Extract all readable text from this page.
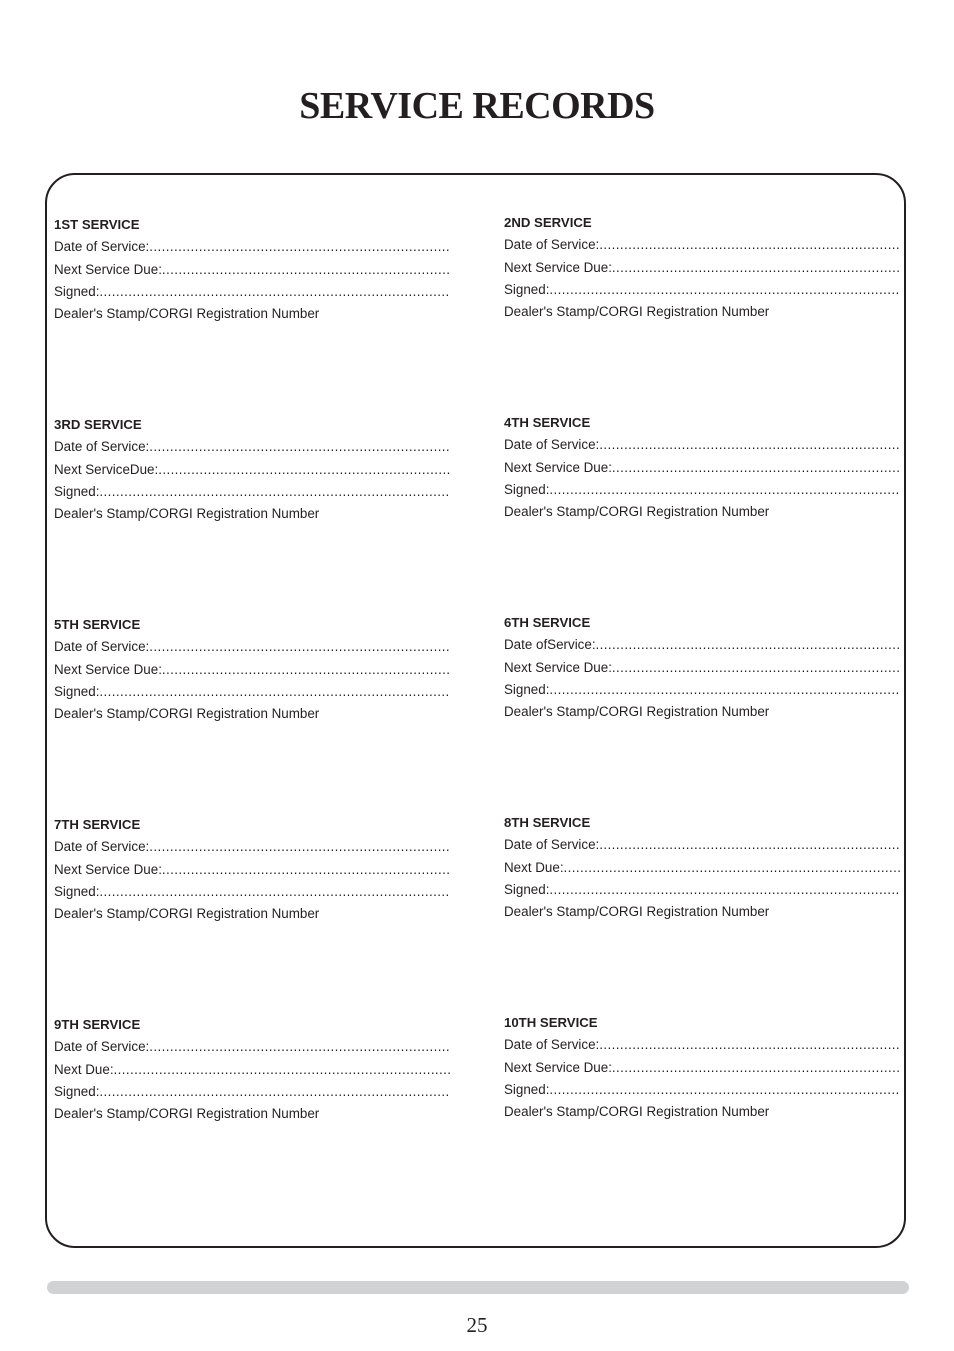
SERVICE RECORDS
1ST SERVICE
Date of Service:
.....
Next Service Due:
.....
Signed:
.....
Dealer's Stamp/CORGI Registration Number
3RD SERVICE
Date of Service:
.....
Next ServiceDue:
.....
Signed:
.....
Dealer's Stamp/CORGI Registration Number
5TH SERVICE
Date of Service:
.....
Next Service Due:
.....
Signed:
.....
Dealer's Stamp/CORGI Registration Number
7TH SERVICE
Date of Service:
.....
Next Service Due:
.....
Signed:
.....
Dealer's Stamp/CORGI Registration Number
9TH SERVICE
Date of Service:
.....
Next Due:
.....
Signed:
.....
Dealer's Stamp/CORGI Registration Number
2ND SERVICE
Date of Service:
.....
Next Service Due:
.....
Signed:
.....
Dealer's Stamp/CORGI Registration Number
4TH SERVICE
Date of Service:
.....
Next Service Due:
.....
Signed:
.....
Dealer's Stamp/CORGI Registration Number
6TH SERVICE
Date ofService:
.....
Next Service Due:
.....
Signed:
.....
Dealer's Stamp/CORGI Registration Number
8TH SERVICE
Date of Service:
.....
Next Due:
.....
Signed:
.....
Dealer's Stamp/CORGI Registration Number
10TH SERVICE
Date of Service:
.....
Next Service Due:
.....
Signed:
.....
Dealer's Stamp/CORGI Registration Number
25
